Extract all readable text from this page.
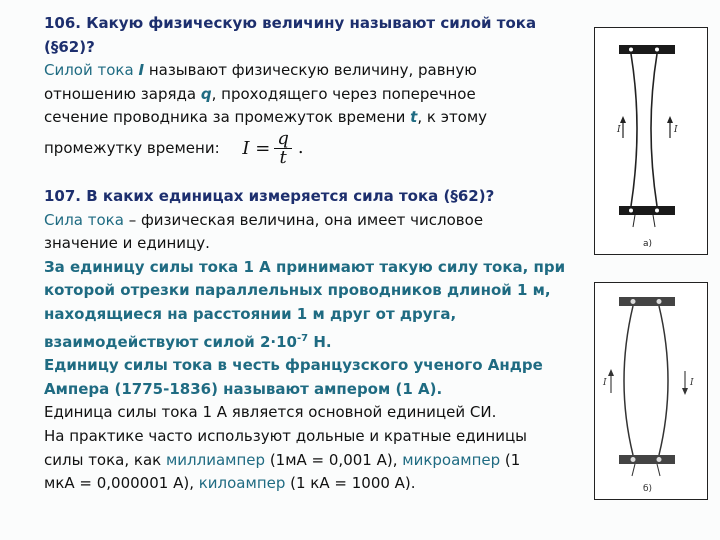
106. Какую физическую величину называют силой тока

(§62)?

Силой тока I называют физическую величину, равную

отношению заряда q, проходящего через поперечное

сечение проводника за промежуток времени t, к этому

промежутку времени: $I = \frac{q}{t}$ .

107. В каких единицах измеряется сила тока (§62)?

Сила тока – физическая величина, она имеет числовое

значение и единицу.

За единицу силы тока 1 А принимают такую силу тока, при

которой отрезки параллельных проводников длиной 1 м,

находящиеся на расстоянии 1 м друг от друга,

взаимодействуют силой $2\cdot 10^{-7}$ Н.

Единицу силы тока в честь французского ученого Андре

Ампера (1775-1836) называют ампером (1 А).

Единица силы тока 1 А является основной единицей СИ.

На практике часто используют дольные и кратные единицы

силы тока, как миллиампер (1мА = 0,001 А), микроампер (1

мкА = 0,000001 А), килоампер (1 кА = 1000 А).

I	I
а)
I	I
б)
